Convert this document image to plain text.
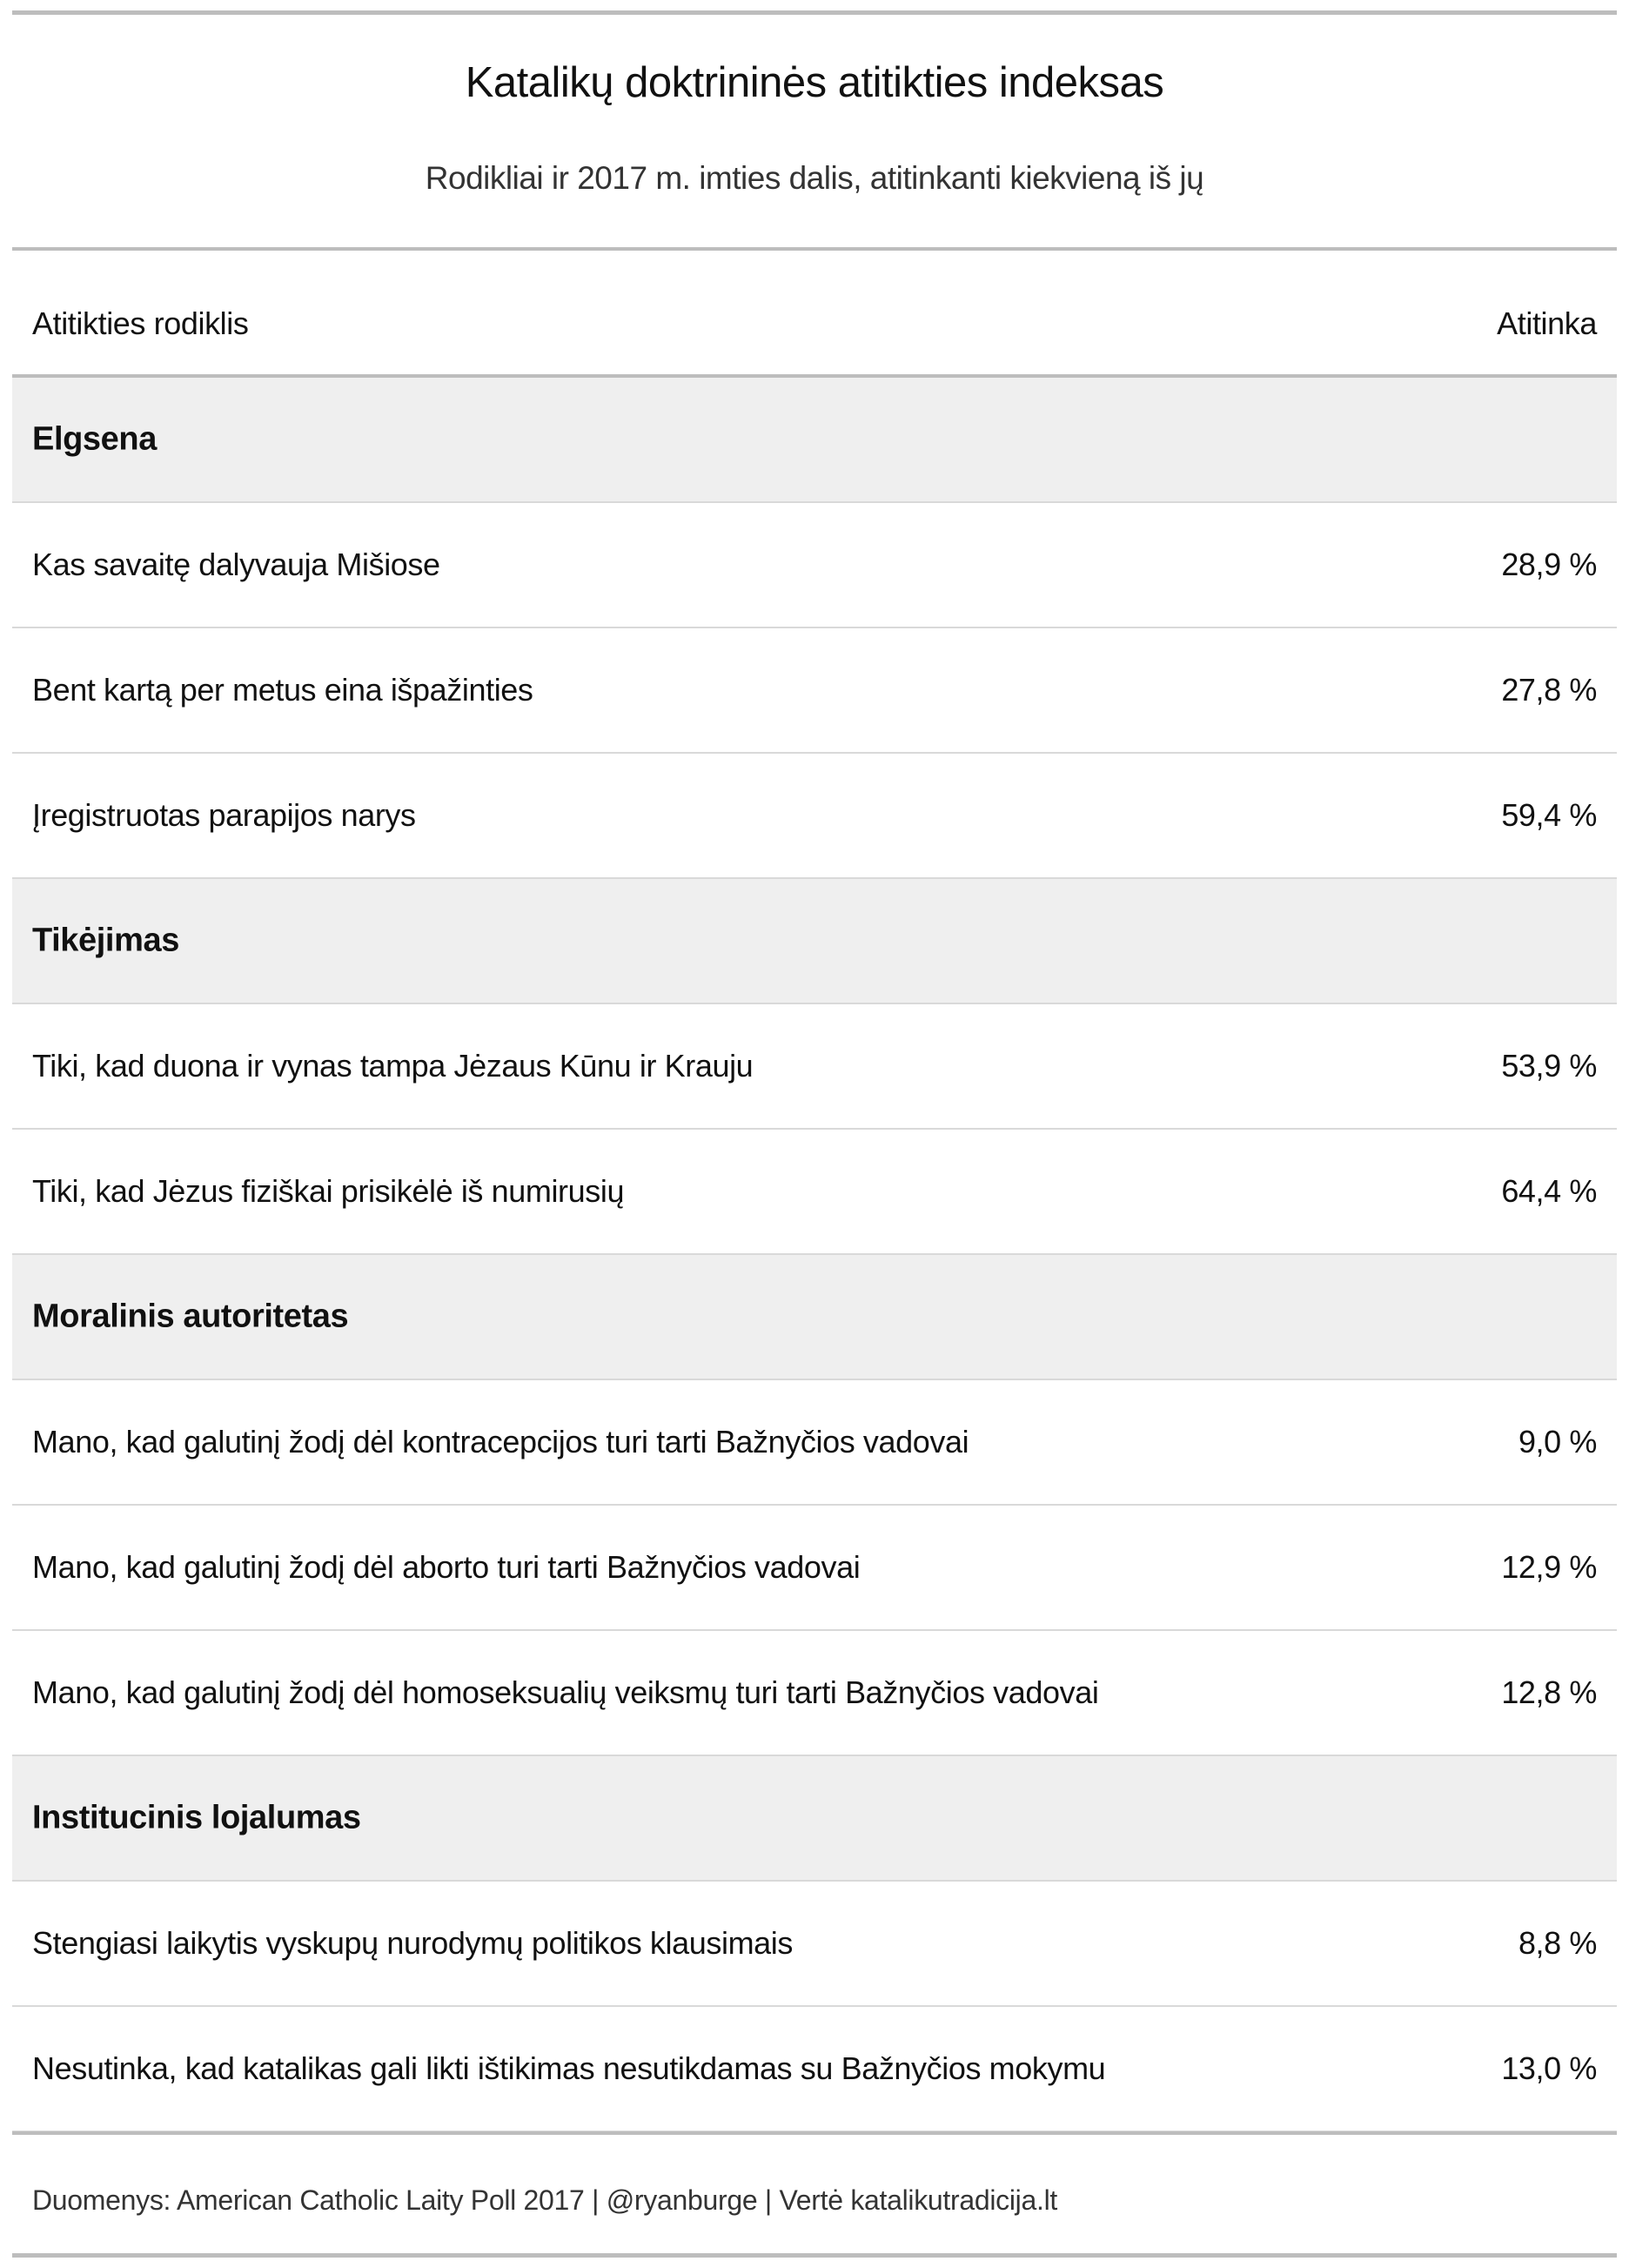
Katalikų doktrininės atitikties indeksas
Rodikliai ir 2017 m. imties dalis, atitinkanti kiekvieną iš jų
Atitikties rodiklis	Atitinka
Elgsena
Kas savaitę dalyvauja Mišiose	28,9 %
Bent kartą per metus eina išpažinties	27,8 %
Įregistruotas parapijos narys	59,4 %
Tikėjimas
Tiki, kad duona ir vynas tampa Jėzaus Kūnu ir Krauju	53,9 %
Tiki, kad Jėzus fiziškai prisikėlė iš numirusių	64,4 %
Moralinis autoritetas
Mano, kad galutinį žodį dėl kontracepcijos turi tarti Bažnyčios vadovai	9,0 %
Mano, kad galutinį žodį dėl aborto turi tarti Bažnyčios vadovai	12,9 %
Mano, kad galutinį žodį dėl homoseksualių veiksmų turi tarti Bažnyčios vadovai	12,8 %
Institucinis lojalumas
Stengiasi laikytis vyskupų nurodymų politikos klausimais	8,8 %
Nesutinka, kad katalikas gali likti ištikimas nesutikdamas su Bažnyčios mokymu	13,0 %
Duomenys: American Catholic Laity Poll 2017 | @ryanburge | Vertė katalikutradicija.lt
